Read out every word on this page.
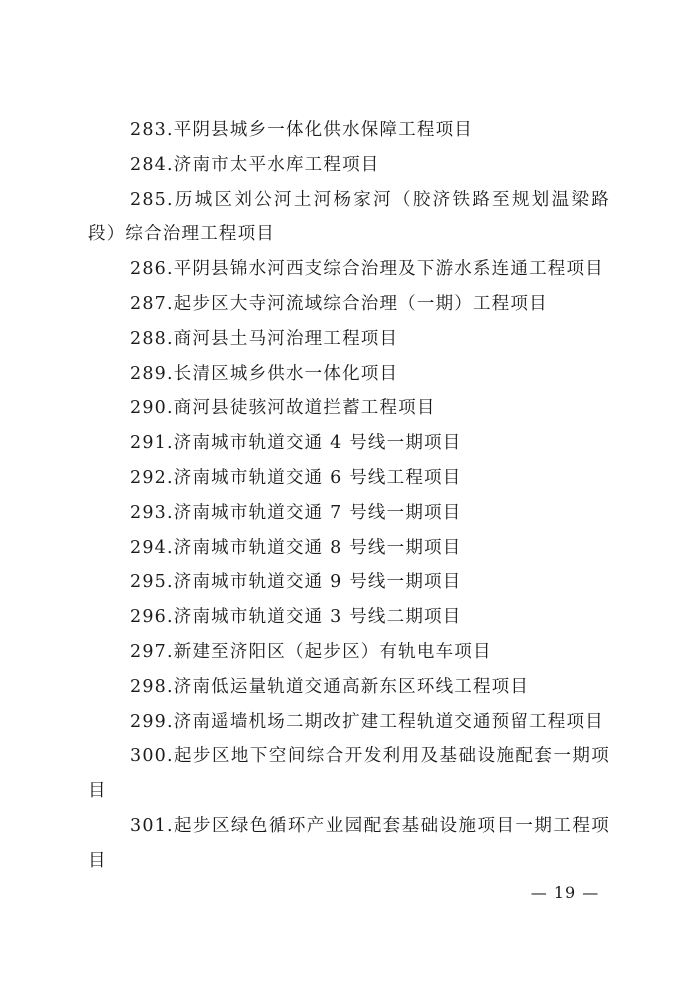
283.平阴县城乡一体化供水保障工程项目

284.济南市太平水库工程项目

285.历城区刘公河土河杨家河（胶济铁路至规划温梁路段）综合治理工程项目

286.平阴县锦水河西支综合治理及下游水系连通工程项目

287.起步区大寺河流域综合治理（一期）工程项目

288.商河县土马河治理工程项目

289.长清区城乡供水一体化项目

290.商河县徒骇河故道拦蓄工程项目

291.济南城市轨道交通 4 号线一期项目

292.济南城市轨道交通 6 号线工程项目

293.济南城市轨道交通 7 号线一期项目

294.济南城市轨道交通 8 号线一期项目

295.济南城市轨道交通 9 号线一期项目

296.济南城市轨道交通 3 号线二期项目

297.新建至济阳区（起步区）有轨电车项目

298.济南低运量轨道交通高新东区环线工程项目

299.济南遥墙机场二期改扩建工程轨道交通预留工程项目

300.起步区地下空间综合开发利用及基础设施配套一期项目

301.起步区绿色循环产业园配套基础设施项目一期工程项目

— 19 —
